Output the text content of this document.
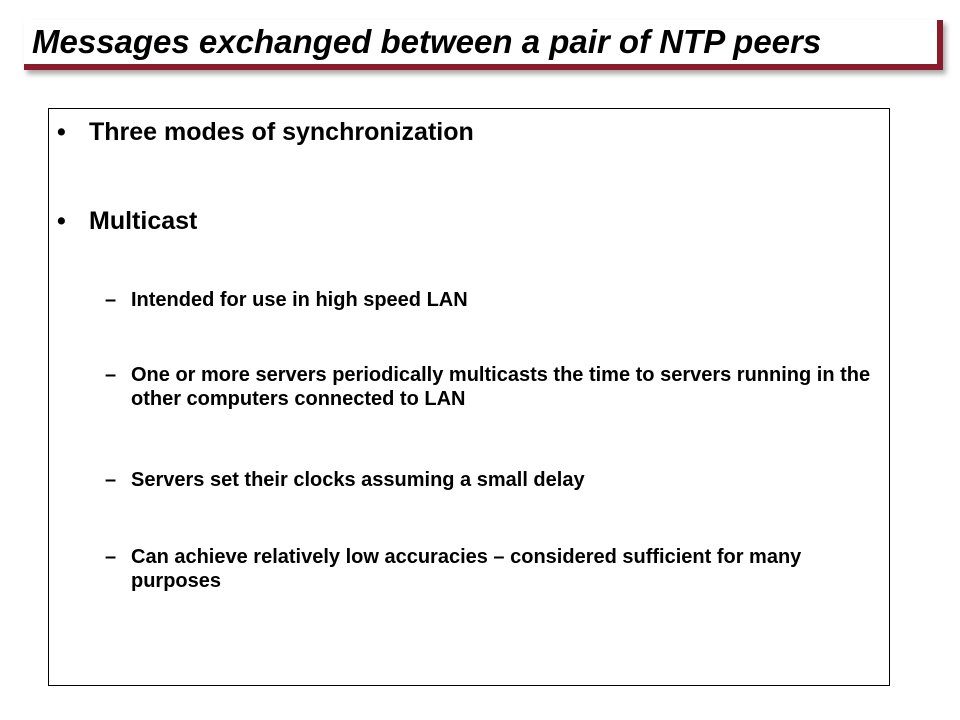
Messages exchanged between a pair of NTP peers
• Three modes of synchronization
• Multicast
– Intended for use in high speed LAN
– One or more servers periodically multicasts the time to servers running in the other computers connected to LAN
– Servers set their clocks assuming a small delay
– Can achieve relatively low accuracies – considered sufficient for many purposes
